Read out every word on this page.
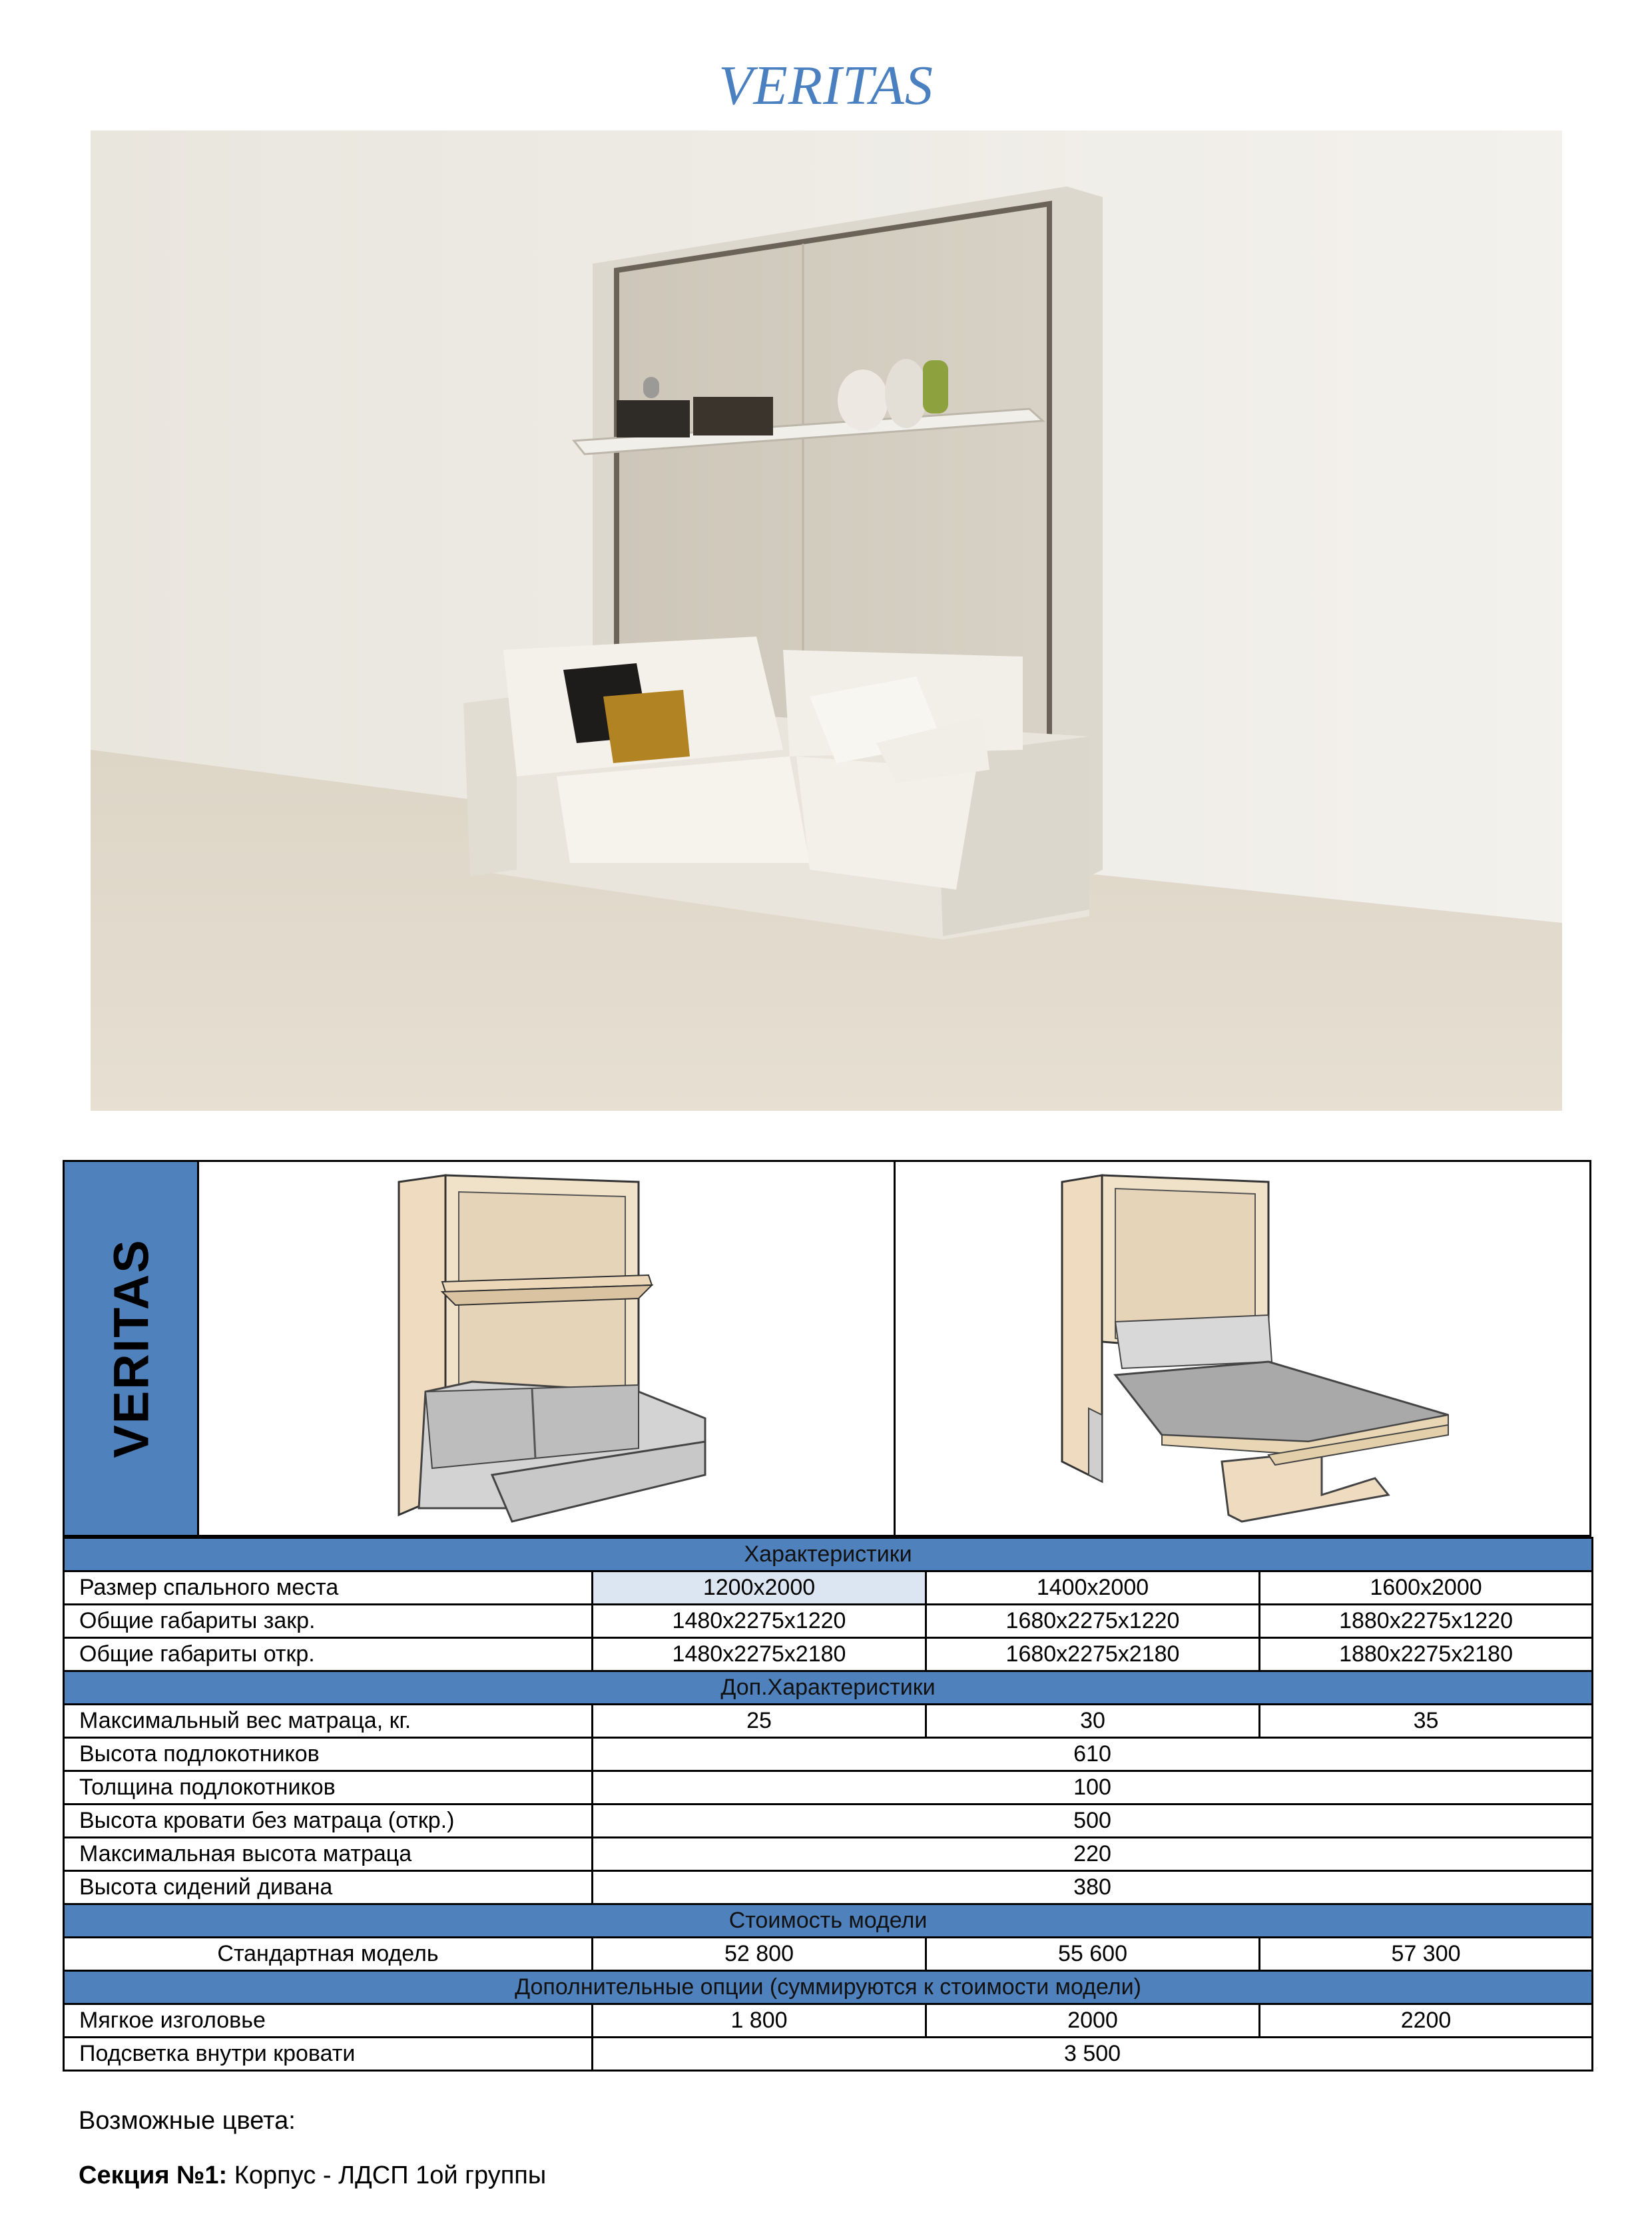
VERITAS
VERITAS
Характеристики			
Размер спального места	1200x2000	1400x2000	1600x2000
Общие габариты закр.	1480x2275x1220	1680x2275x1220	1880x2275x1220
Общие габариты откр.	1480x2275x2180	1680x2275x2180	1880x2275x2180
Доп.Характеристики			
Максимальный вес матраца, кг.	25	30	35
Высота подлокотников	610		
Толщина подлокотников	100		
Высота кровати без матраца (откр.)	500		
Максимальная высота матраца	220		
Высота сидений дивана	380		
Стоимость модели			
Стандартная модель	52 800	55 600	57 300
Дополнительные опции (суммируются к стоимости модели)			
Мягкое изголовье	1 800	2000	2200
Подсветка внутри кровати	3 500		
Возможные цвета:
Секция №1: Корпус - ЛДСП 1ой группы
